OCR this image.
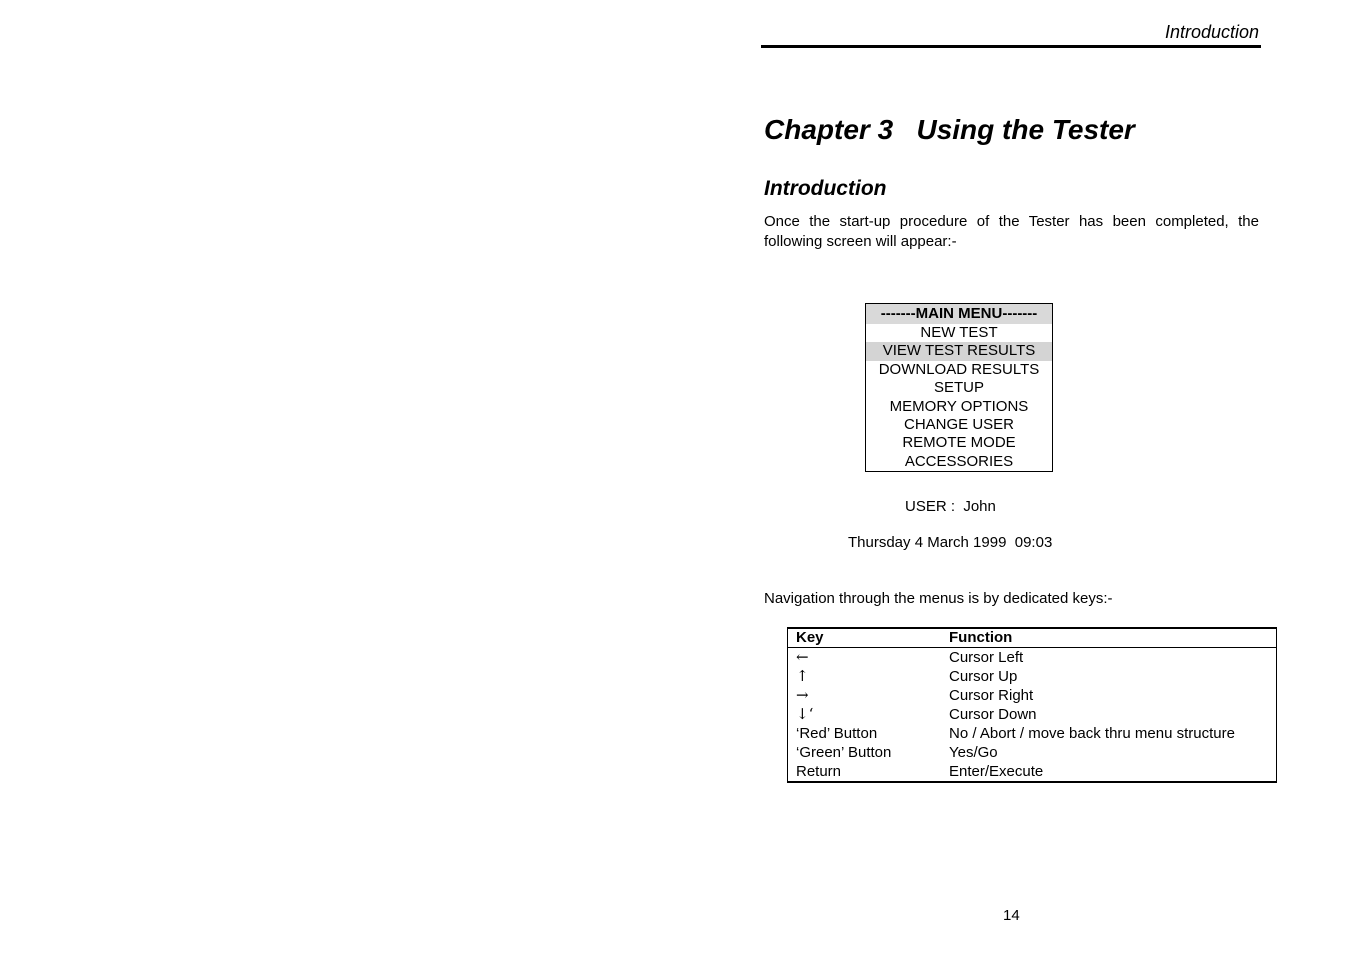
Introduction
Chapter 3   Using the Tester
Introduction
Once the start-up procedure of the Tester has been completed, the following screen will appear:-
-------MAIN MENU-------
NEW TEST
VIEW TEST RESULTS
DOWNLOAD RESULTS
SETUP
MEMORY OPTIONS
CHANGE USER
REMOTE MODE
ACCESSORIES
USER :  John
Thursday 4 March 1999  09:03
Navigation through the menus is by dedicated keys:-
Key	Function
←	Cursor Left
↑	Cursor Up
→	Cursor Right
↓‘	Cursor Down
‘Red’ Button	No / Abort / move back thru menu structure
‘Green’ Button	Yes/Go
Return	Enter/Execute
14
